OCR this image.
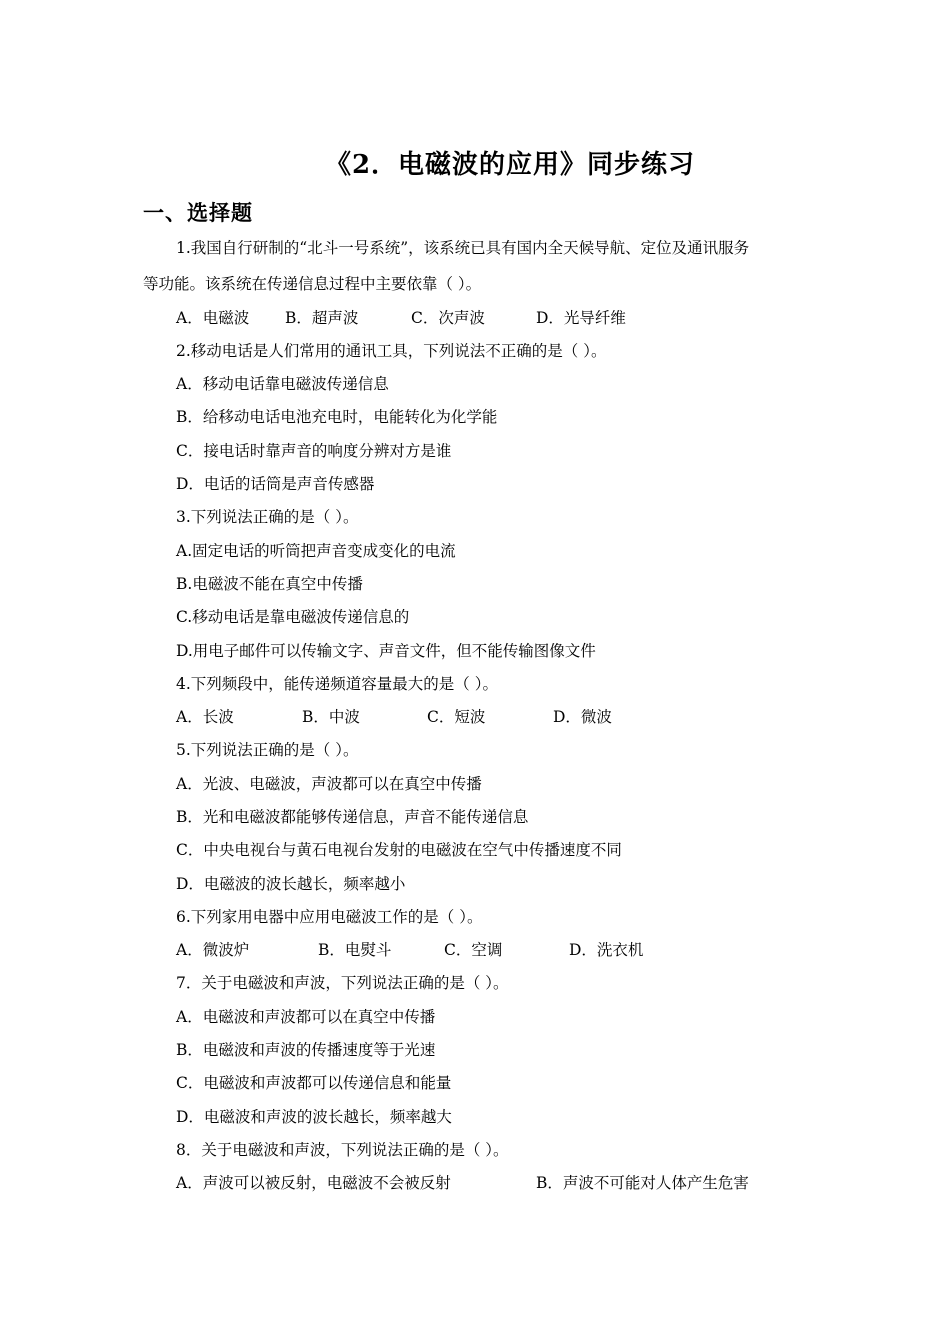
《2．电磁波的应用》同步练习
一、选择题
1.我国自行研制的“北斗一号系统”，该系统已具有国内全天候导航、定位及通讯服务
等功能。该系统在传递信息过程中主要依靠（ ）。
A．电磁波 B．超声波	C．次声波	D．光导纤维
2.移动电话是人们常用的通讯工具，下列说法不正确的是（ ）。
A．移动电话靠电磁波传递信息
B．给移动电话电池充电时，电能转化为化学能
C．接电话时靠声音的响度分辨对方是谁
D．电话的话筒是声音传感器
3.下列说法正确的是（ ）。
A.固定电话的听筒把声音变成变化的电流
B.电磁波不能在真空中传播
C.移动电话是靠电磁波传递信息的
D.用电子邮件可以传输文字、声音文件，但不能传输图像文件
4.下列频段中，能传递频道容量最大的是（ ）。
A．长波	B．中波	C．短波	D．微波
5.下列说法正确的是（ ）。
A．光波、电磁波，声波都可以在真空中传播
B．光和电磁波都能够传递信息，声音不能传递信息
C．中央电视台与黄石电视台发射的电磁波在空气中传播速度不同
D．电磁波的波长越长，频率越小
6.下列家用电器中应用电磁波工作的是（ ）。
A．微波炉	B．电熨斗	C．空调	D．洗衣机
7．关于电磁波和声波，下列说法正确的是（ ）。
A．电磁波和声波都可以在真空中传播
B．电磁波和声波的传播速度等于光速
C．电磁波和声波都可以传递信息和能量
D．电磁波和声波的波长越长，频率越大
8．关于电磁波和声波，下列说法正确的是（ ）。
A．声波可以被反射，电磁波不会被反射	B．声波不可能对人体产生危害
